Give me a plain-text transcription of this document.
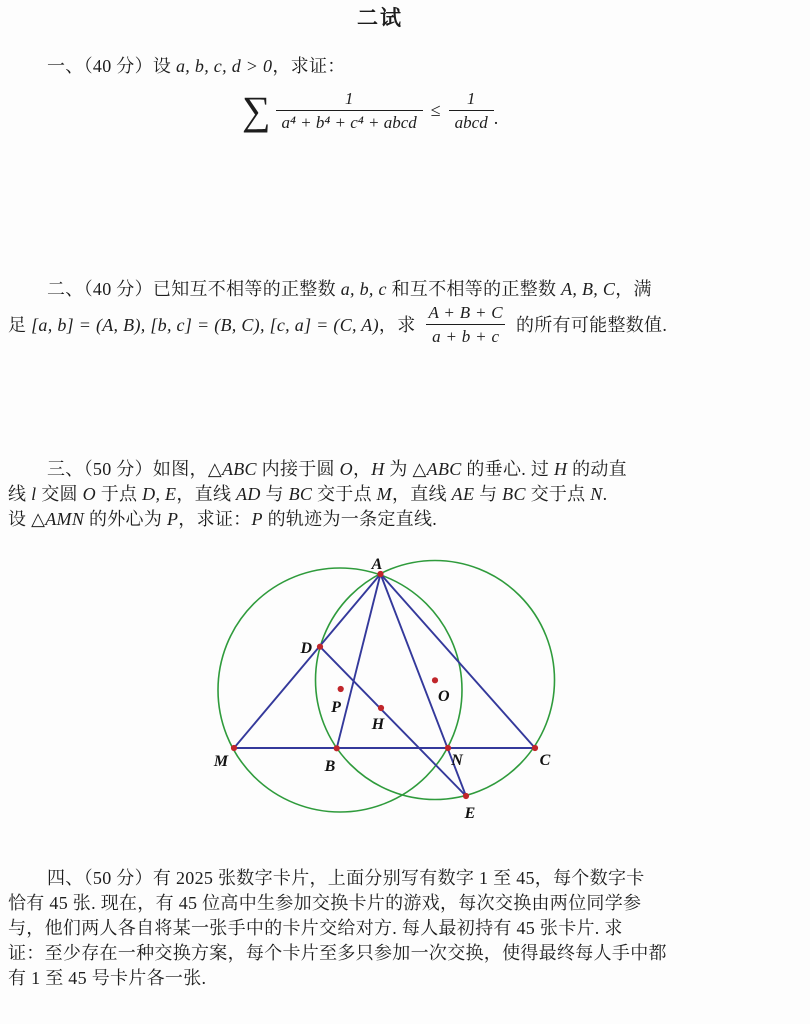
二试
一、（40 分）设 a, b, c, d > 0，求证：
∑ $\frac{1}{\text{a⁴ + b⁴ + c⁴ + abcd}} \le \frac{1}{\text{abcd}}$ .
二、（40 分）已知互不相等的正整数 a, b, c 和互不相等的正整数 A, B, C，满
足 [a, b] = (A, B), [b, c] = (B, C), [c, a] = (C, A)，求 $\frac{A + B + C}{a + b + c}$ 的所有可能整数值.
三、（50 分）如图，△ABC 内接于圆 O，H 为 △ABC 的垂心. 过 H 的动直
线 l 交圆 O 于点 D, E，直线 AD 与 BC 交于点 M，直线 AE 与 BC 交于点 N.
设 △AMN 的外心为 P，求证：P 的轨迹为一条定直线.
A
D
P
O
H
M	B	N	C
E
四、（50 分）有 2025 张数字卡片，上面分别写有数字 1 至 45，每个数字卡
恰有 45 张. 现在，有 45 位高中生参加交换卡片的游戏，每次交换由两位同学参
与，他们两人各自将某一张手中的卡片交给对方. 每人最初持有 45 张卡片. 求
证：至少存在一种交换方案，每个卡片至多只参加一次交换，使得最终每人手中都
有 1 至 45 号卡片各一张.
